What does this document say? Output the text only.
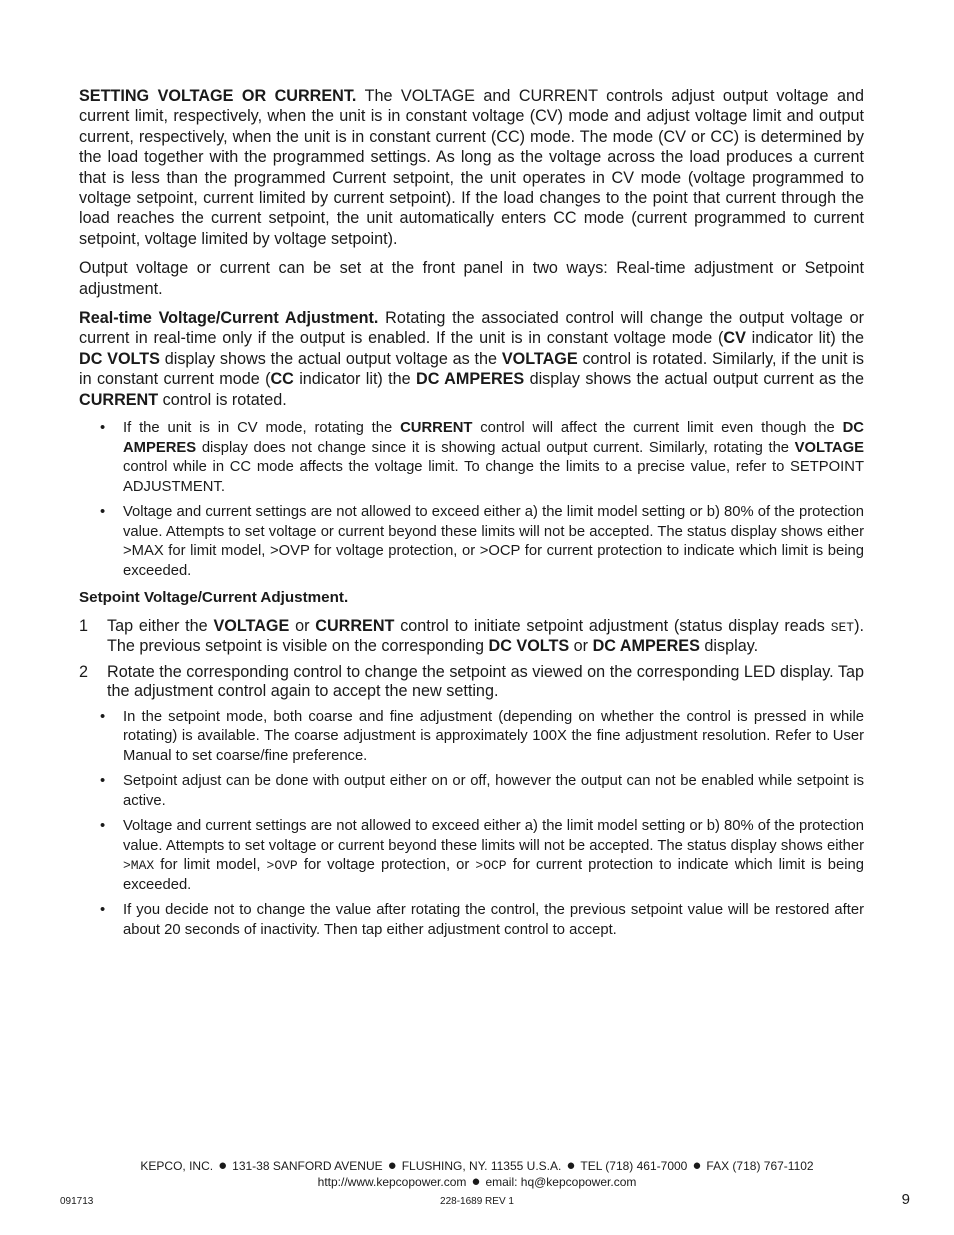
SETTING VOLTAGE OR CURRENT. The VOLTAGE and CURRENT controls adjust output voltage and current limit, respectively, when the unit is in constant voltage (CV) mode and adjust voltage limit and output current, respectively, when the unit is in constant current (CC) mode. The mode (CV or CC) is determined by the load together with the programmed settings. As long as the voltage across the load produces a current that is less than the programmed Current setpoint, the unit operates in CV mode (voltage programmed to voltage setpoint, current limited by current setpoint). If the load changes to the point that current through the load reaches the current setpoint, the unit automatically enters CC mode (current programmed to current setpoint, voltage limited by voltage setpoint).

Output voltage or current can be set at the front panel in two ways: Real-time adjustment or Setpoint adjustment.

Real-time Voltage/Current Adjustment. Rotating the associated control will change the output voltage or current in real-time only if the output is enabled. If the unit is in constant voltage mode (CV indicator lit) the DC VOLTS display shows the actual output voltage as the VOLTAGE control is rotated. Similarly, if the unit is in constant current mode (CC indicator lit) the DC AMPERES display shows the actual output current as the CURRENT control is rotated.

• If the unit is in CV mode, rotating the CURRENT control will affect the current limit even though the DC AMPERES display does not change since it is showing actual output current. Similarly, rotating the VOLTAGE control while in CC mode affects the voltage limit. To change the limits to a precise value, refer to SETPOINT ADJUSTMENT.
• Voltage and current settings are not allowed to exceed either a) the limit model setting or b) 80% of the protection value. Attempts to set voltage or current beyond these limits will not be accepted. The status display shows either >MAX for limit model, >OVP for voltage protection, or >OCP for current protection to indicate which limit is being exceeded.

Setpoint Voltage/Current Adjustment.

1 Tap either the VOLTAGE or CURRENT control to initiate setpoint adjustment (status display reads SET). The previous setpoint is visible on the corresponding DC VOLTS or DC AMPERES display.
2 Rotate the corresponding control to change the setpoint as viewed on the corresponding LED display. Tap the adjustment control again to accept the new setting.
• In the setpoint mode, both coarse and fine adjustment (depending on whether the control is pressed in while rotating) is available. The coarse adjustment is approximately 100X the fine adjustment resolution. Refer to User Manual to set coarse/fine preference.
• Setpoint adjust can be done with output either on or off, however the output can not be enabled while setpoint is active.
• Voltage and current settings are not allowed to exceed either a) the limit model setting or b) 80% of the protection value. Attempts to set voltage or current beyond these limits will not be accepted. The status display shows either >MAX for limit model, >OVP for voltage protection, or >OCP for current protection to indicate which limit is being exceeded.
• If you decide not to change the value after rotating the control, the previous setpoint value will be restored after about 20 seconds of inactivity. Then tap either adjustment control to accept.
KEPCO, INC. ● 131-38 SANFORD AVENUE ● FLUSHING, NY. 11355 U.S.A. ● TEL (718) 461-7000 ● FAX (718) 767-1102
http://www.kepcopower.com ● email: hq@kepcopower.com
091713	228-1689 REV 1	9
